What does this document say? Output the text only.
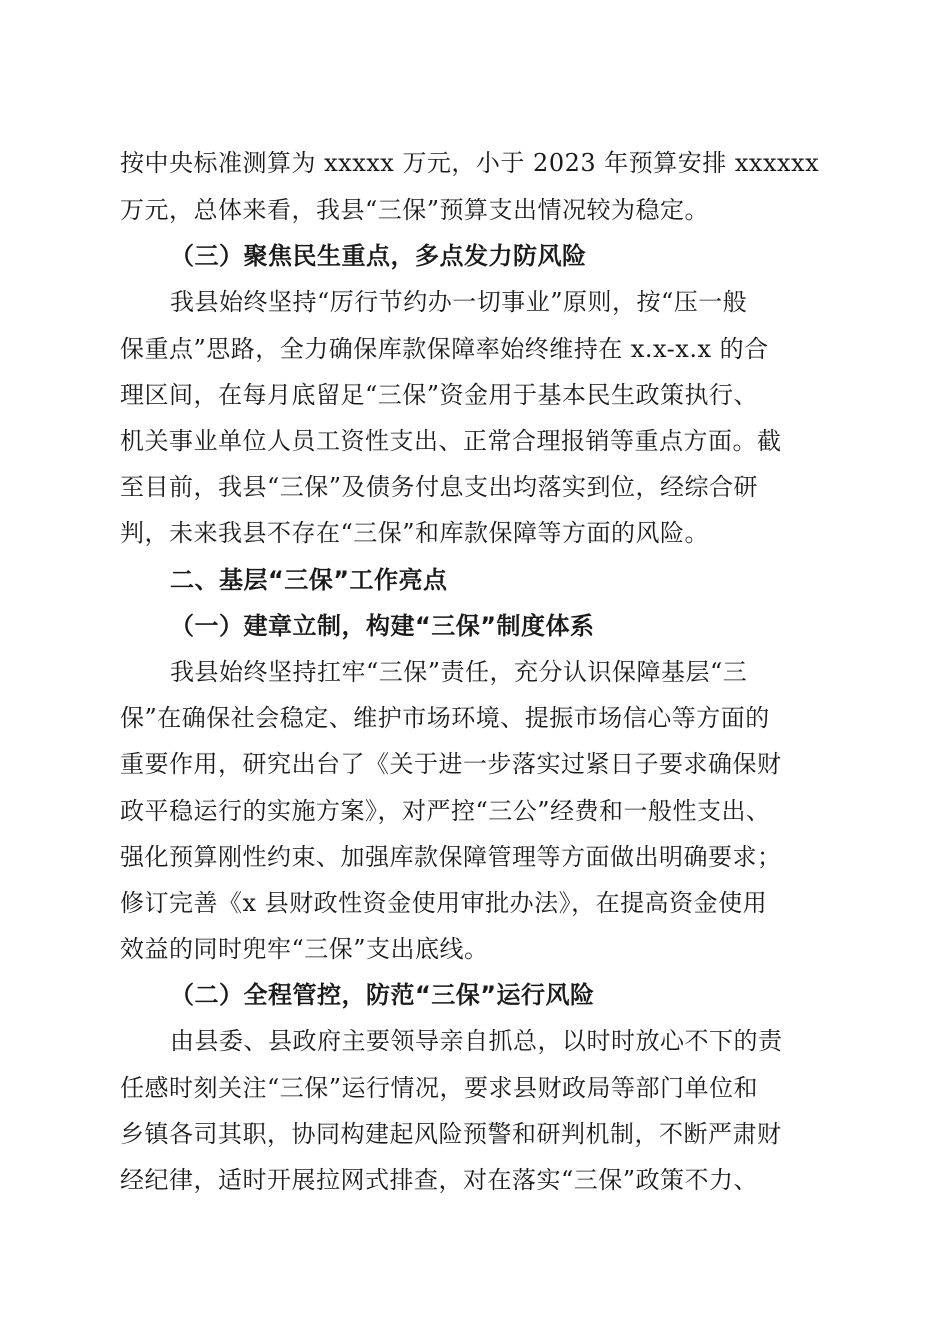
按中央标准测算为 xxxxx 万元，小于 2023 年预算安排 xxxxxx
万元，总体来看，我县“三保”预算支出情况较为稳定。
（三）聚焦民生重点，多点发力防风险
我县始终坚持“厉行节约办一切事业”原则，按“压一般
保重点”思路，全力确保库款保障率始终维持在 x.x-x.x 的合
理区间，在每月底留足“三保”资金用于基本民生政策执行、
机关事业单位人员工资性支出、正常合理报销等重点方面。截
至目前，我县“三保”及债务付息支出均落实到位，经综合研
判，未来我县不存在“三保”和库款保障等方面的风险。
二、基层“三保”工作亮点
（一）建章立制，构建“三保”制度体系
我县始终坚持扛牢“三保”责任，充分认识保障基层“三
保”在确保社会稳定、维护市场环境、提振市场信心等方面的
重要作用，研究出台了《关于进一步落实过紧日子要求确保财
政平稳运行的实施方案》，对严控“三公”经费和一般性支出、
强化预算刚性约束、加强库款保障管理等方面做出明确要求；
修订完善《x 县财政性资金使用审批办法》，在提高资金使用
效益的同时兜牢“三保”支出底线。
（二）全程管控，防范“三保”运行风险
由县委、县政府主要领导亲自抓总，以时时放心不下的责
任感时刻关注“三保”运行情况，要求县财政局等部门单位和
乡镇各司其职，协同构建起风险预警和研判机制，不断严肃财
经纪律，适时开展拉网式排查，对在落实“三保”政策不力、
